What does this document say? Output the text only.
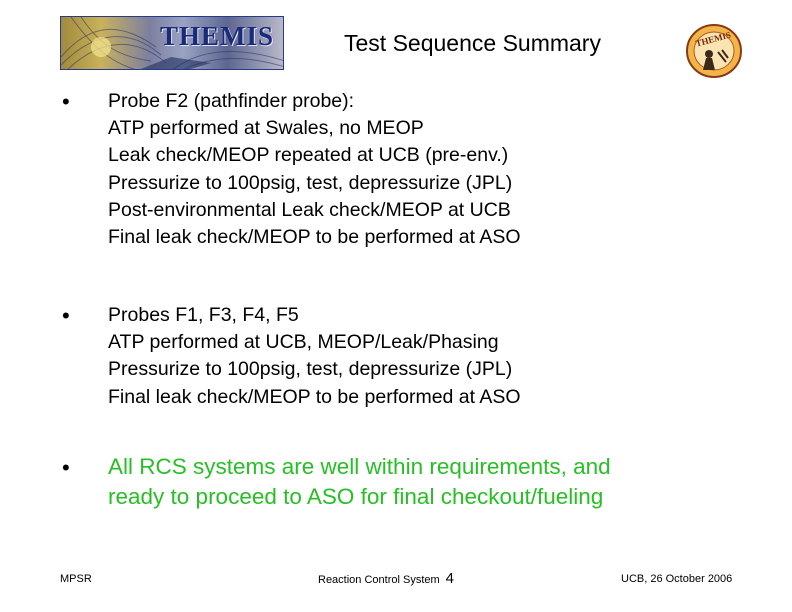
THEMIS	Test Sequence Summary	THEMIS
• Probe F2 (pathfinder probe):
ATP performed at Swales, no MEOP
Leak check/MEOP repeated at UCB (pre-env.)
Pressurize to 100psig, test, depressurize (JPL)
Post-environmental Leak check/MEOP at UCB
Final leak check/MEOP to be performed at ASO
• Probes F1, F3, F4, F5
ATP performed at UCB, MEOP/Leak/Phasing
Pressurize to 100psig, test, depressurize (JPL)
Final leak check/MEOP to be performed at ASO
• All RCS systems are well within requirements, and
ready to proceed to ASO for final checkout/fueling
MPSR	Reaction Control System 4	UCB, 26 October 2006
